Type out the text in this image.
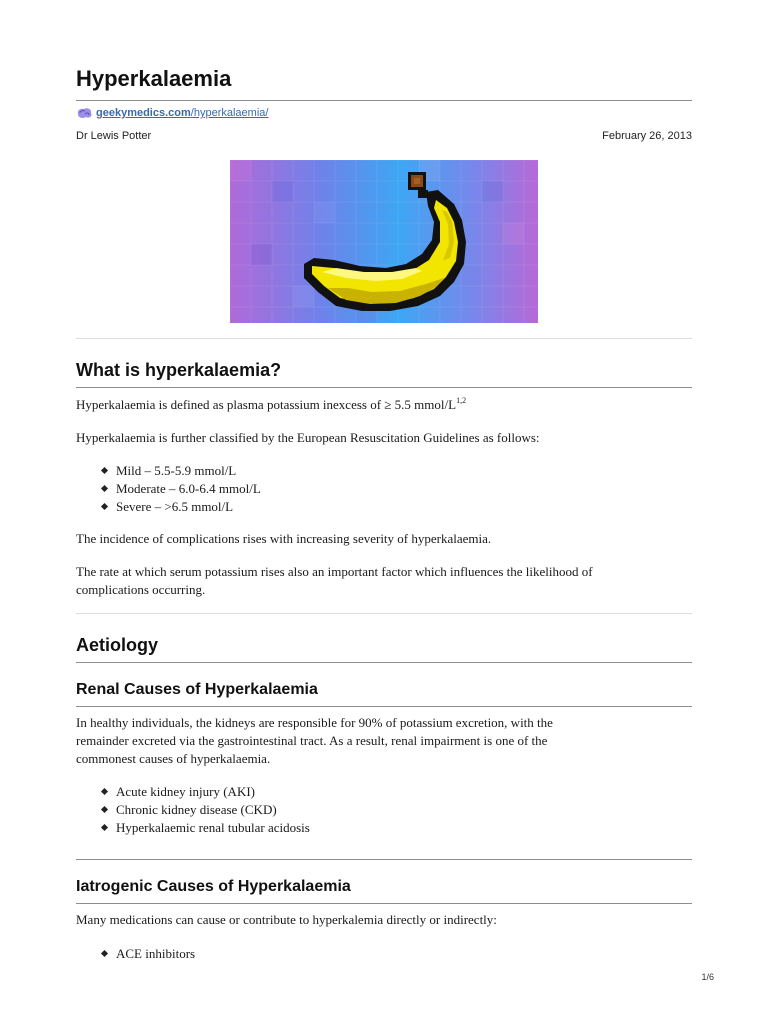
Hyperkalaemia
geekymedics.com /hyperkalaemia/
Dr Lewis Potter	February 26, 2013
What is hyperkalaemia?

Hyperkalaemia is defined as plasma potassium inexcess of ≥ 5.5 mmol/$L^{1,2}$

Hyperkalaemia is further classified by the European Resuscitation Guidelines as follows:

Mild – 5.5-5.9 mmol/L
Moderate – 6.0-6.4 mmol/L
Severe – >6.5 mmol/L

The incidence of complications rises with increasing severity of hyperkalaemia.

The rate at which serum potassium rises also an important factor which influences the likelihood of
complications occurring.

Aetiology
Renal Causes of Hyperkalaemia

In healthy individuals, the kidneys are responsible for 90% of potassium excretion, with the
remainder excreted via the gastrointestinal tract. As a result, renal impairment is one of the
commonest causes of hyperkalaemia.

Acute kidney injury (AKI)
Chronic kidney disease (CKD)
Hyperkalaemic renal tubular acidosis
Iatrogenic Causes of Hyperkalaemia

Many medications can cause or contribute to hyperkalemia directly or indirectly:

ACE inhibitors
1/6
